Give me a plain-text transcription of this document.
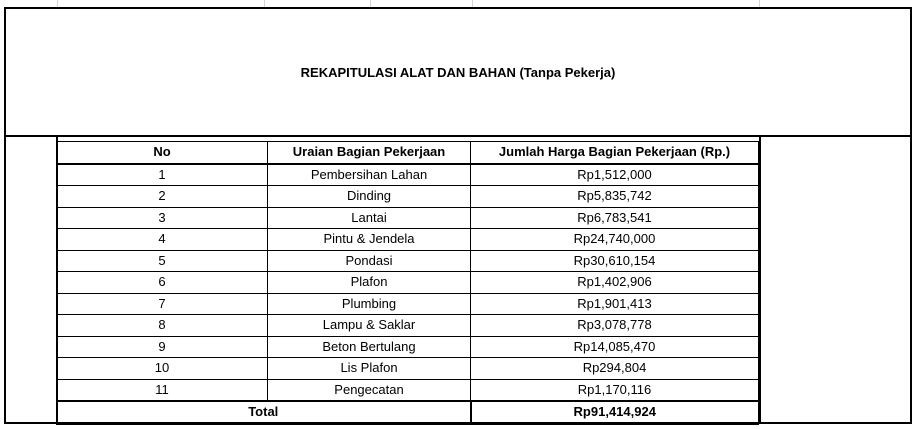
REKAPITULASI ALAT DAN BAHAN (Tanpa Pekerja)
No	Uraian Bagian Pekerjaan	Jumlah Harga Bagian Pekerjaan (Rp.)
1	Pembersihan Lahan	Rp1,512,000
2	Dinding	Rp5,835,742
3	Lantai	Rp6,783,541
4	Pintu & Jendela	Rp24,740,000
5	Pondasi	Rp30,610,154
6	Plafon	Rp1,402,906
7	Plumbing	Rp1,901,413
8	Lampu & Saklar	Rp3,078,778
9	Beton Bertulang	Rp14,085,470
10	Lis Plafon	Rp294,804
11	Pengecatan	Rp1,170,116
Total		Rp91,414,924
